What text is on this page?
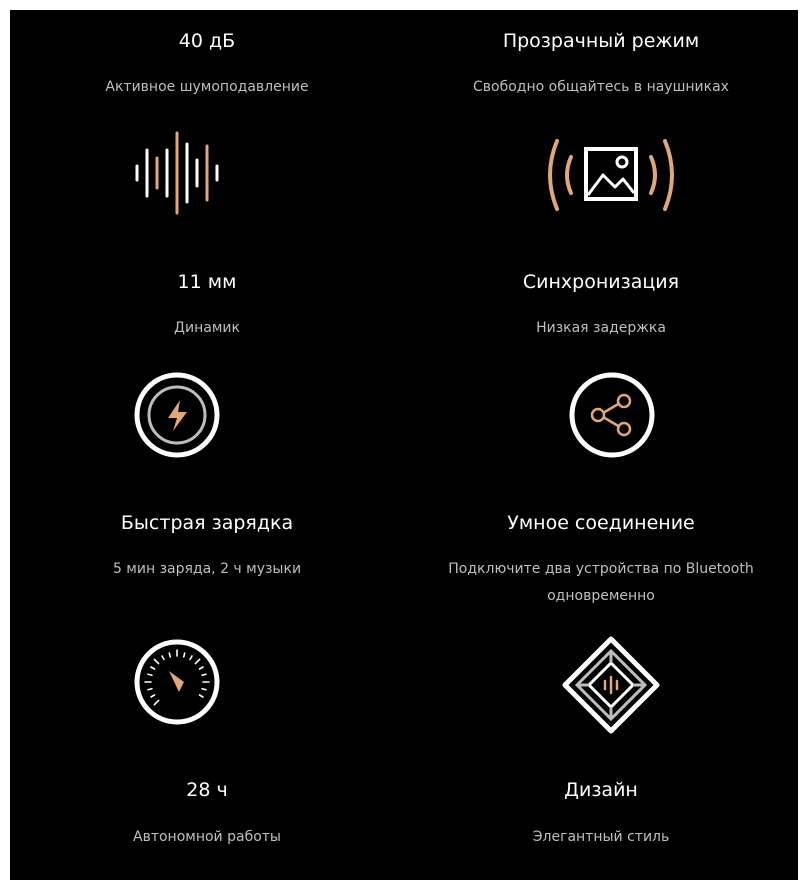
40 дБ
Активное шумоподавление
11 мм
Динамик
Быстрая зарядка
5 мин заряда, 2 ч музыки
28 ч
Автономной работы
Прозрачный режим
Свободно общайтесь в наушниках
Синхронизация
Низкая задержка
Умное соединение
Подключите два устройства по Bluetooth одновременно
Дизайн
Элегантный стиль
